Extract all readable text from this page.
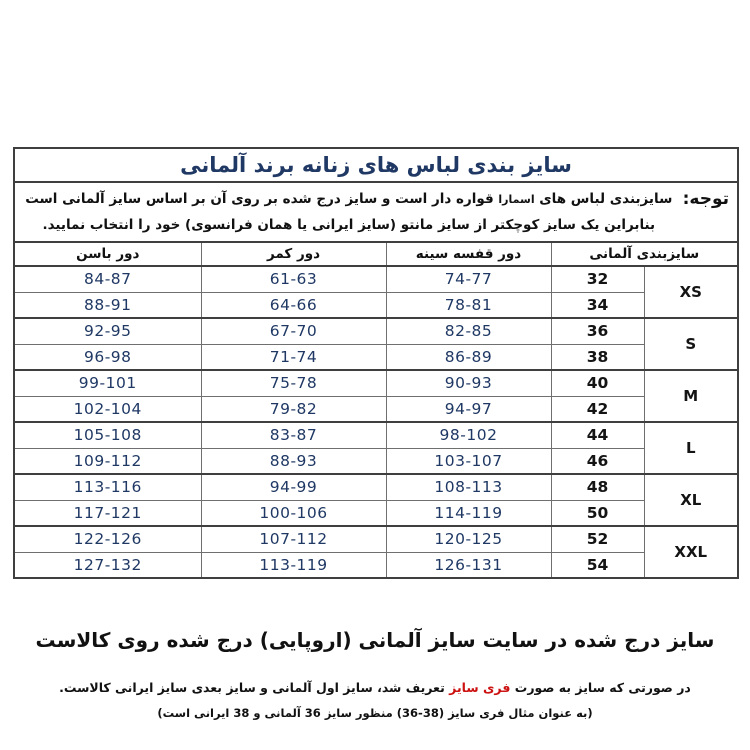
سایز بندی لباس های زنانه برند آلمانی				

توجه:
سایزبندی لباس های اسمارا قواره دار است و سایز درج شده بر روی آن بر اساس سایز آلمانی است
بنابراین یک سایز کوچکتر از سایز مانتو (سایز ایرانی یا همان فرانسوی) خود را انتخاب نمایید.				

سایزبندی آلمانی		دور قفسه سینه	دور کمر	دور باسن
XS	32	74-77	61-63	84-87
	34	78-81	64-66	88-91
S	36	82-85	67-70	92-95
	38	86-89	71-74	96-98
M	40	90-93	75-78	99-101
	42	94-97	79-82	102-104
L	44	98-102	83-87	105-108
	46	103-107	88-93	109-112
XL	48	108-113	94-99	113-116
	50	114-119	100-106	117-121
XXL	52	120-125	107-112	122-126
	54	126-131	113-119	127-132
سایز درج شده در سایت سایز آلمانی (اروپایی) درج شده روی کالاست
در صورتی که سایز به صورت فری سایز تعریف شد، سایز اول آلمانی و سایز بعدی سایز ایرانی کالاست.
(به عنوان مثال فری سایز (38-36) منظور سایز 36 آلمانی و 38 ایرانی است)
